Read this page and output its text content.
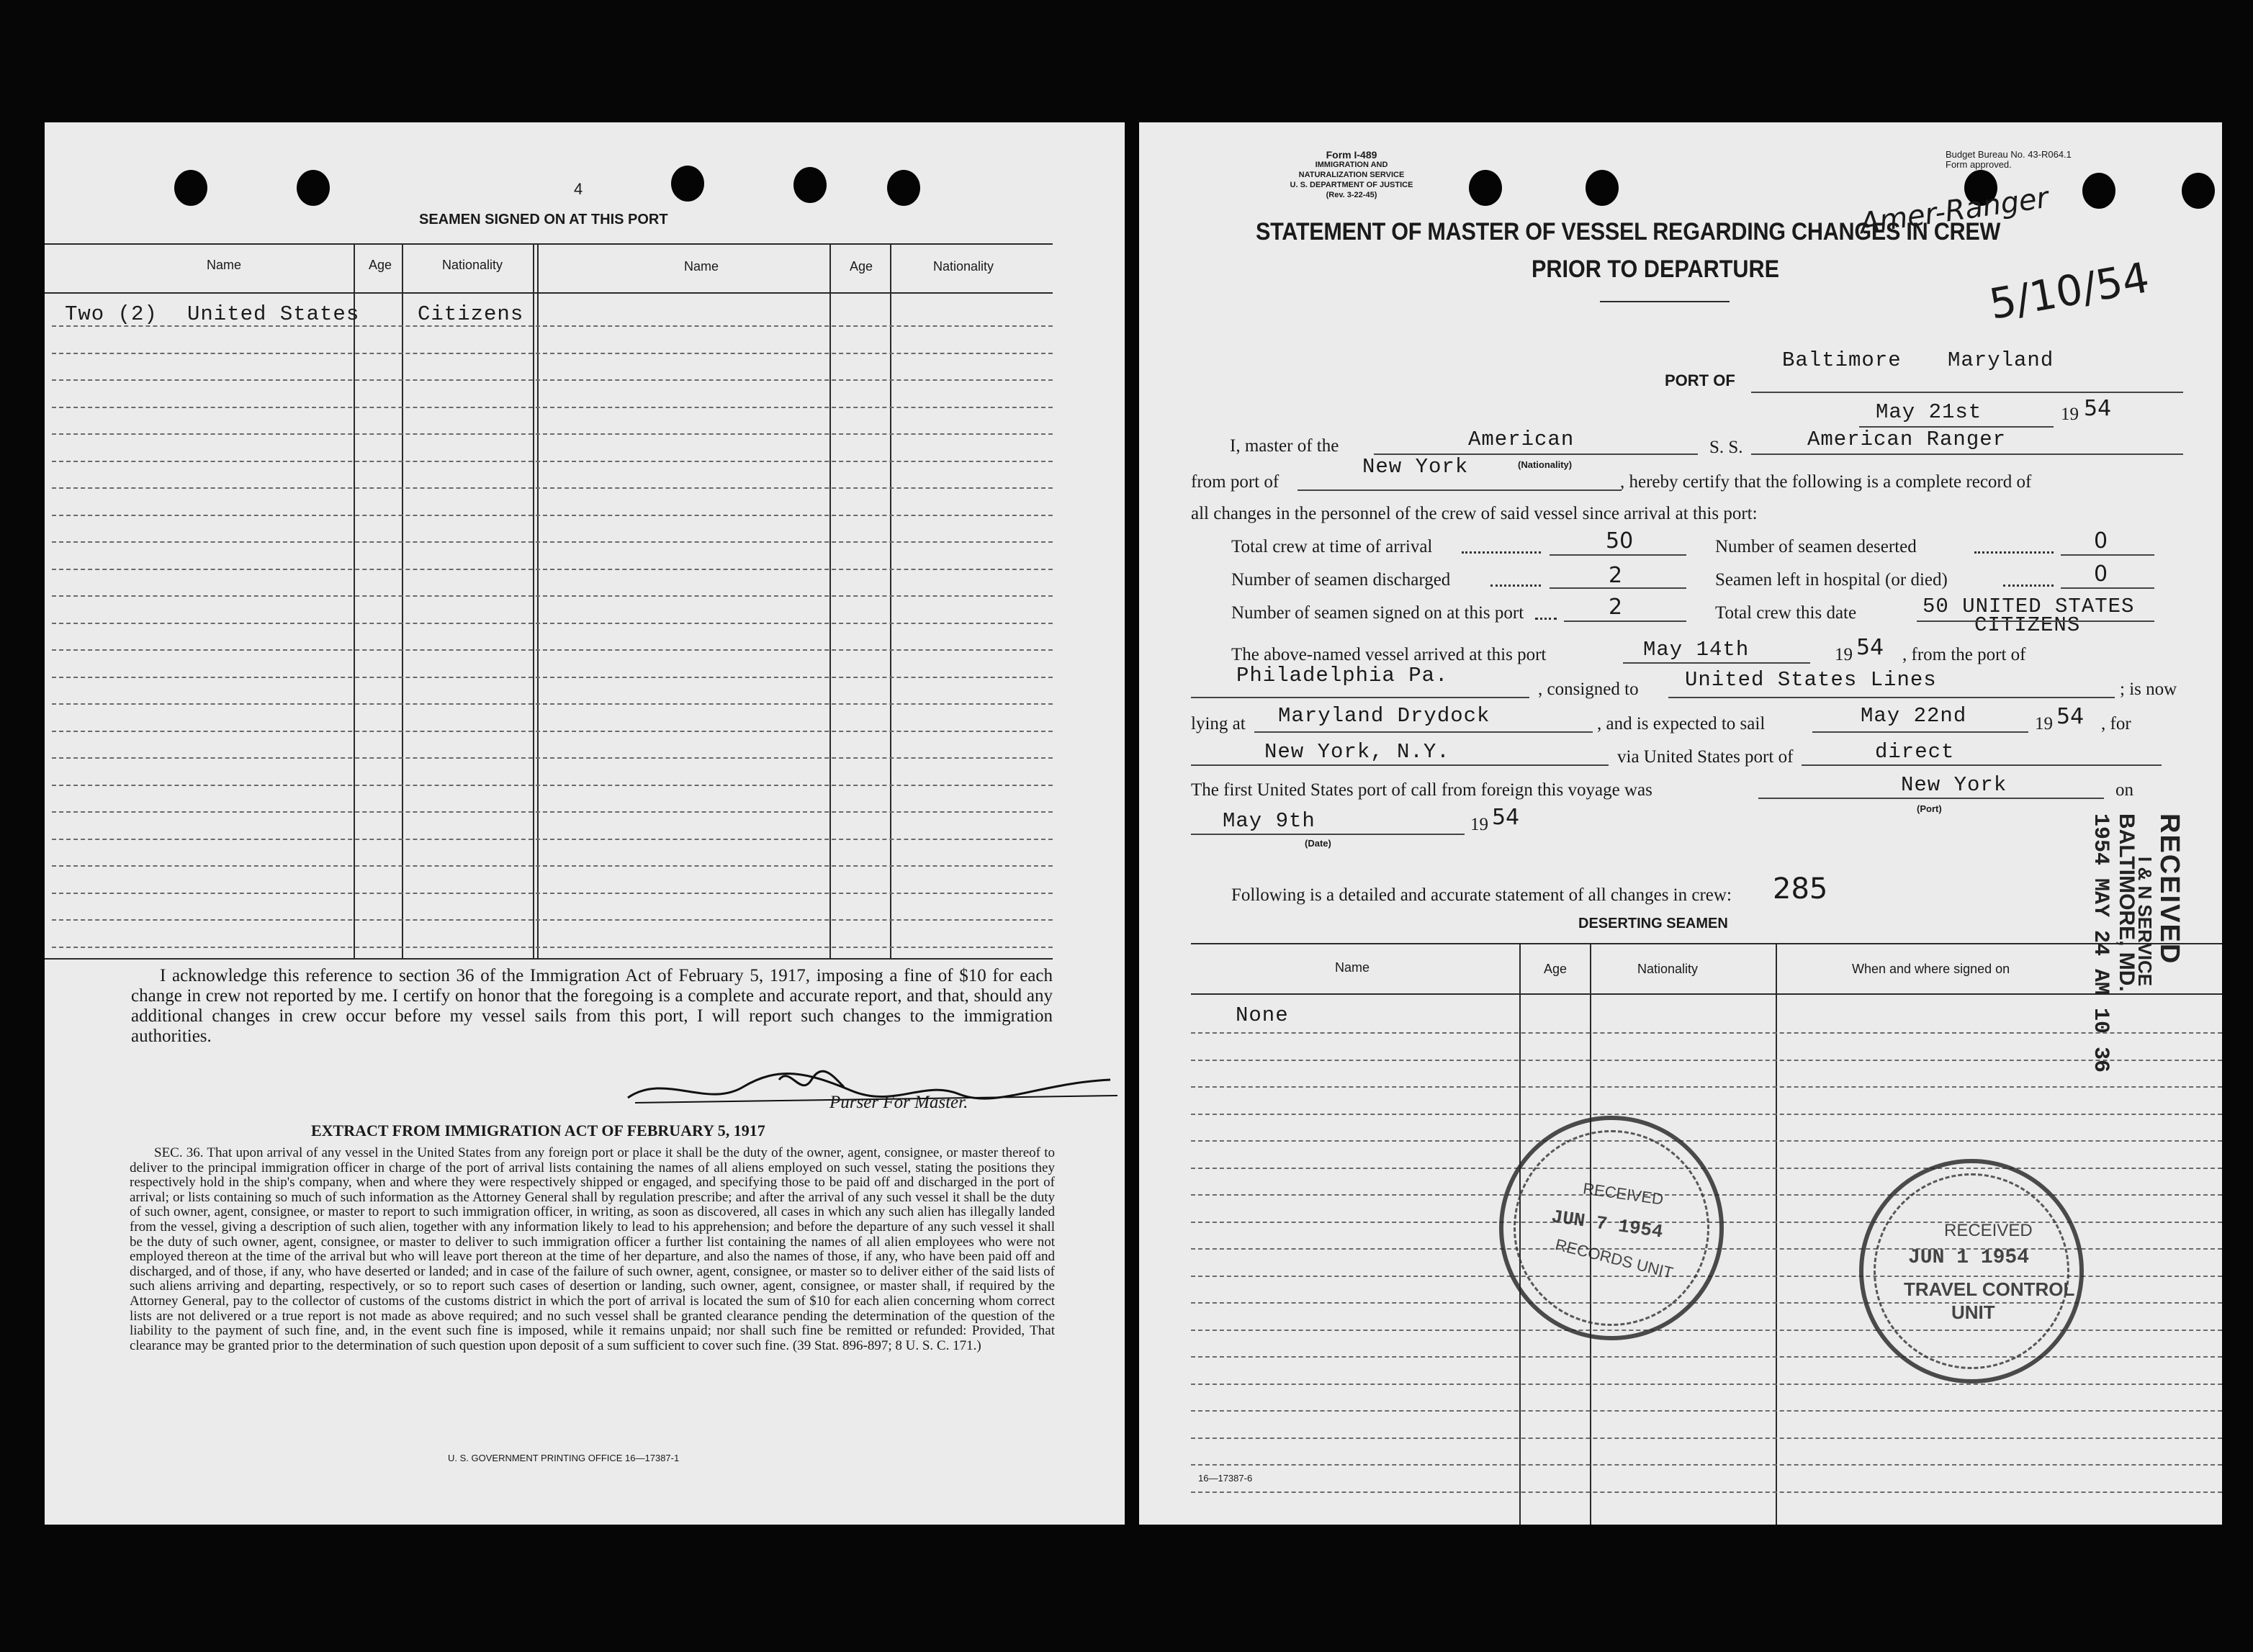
4
SEAMEN SIGNED ON AT THIS PORT
Name	Age	Nationality	Name	Age	Nationality
Two (2) United States	Citizens
I acknowledge this reference to section 36 of the Immigration Act of February 5, 1917, imposing a fine of $10 for each change in crew not reported by me. I certify on honor that the foregoing is a complete and accurate report, and that, should any additional changes in crew occur before my vessel sails from this port, I will report such changes to the immigration authorities.
Purser For Master.
EXTRACT FROM IMMIGRATION ACT OF FEBRUARY 5, 1917
SEC. 36. That upon arrival of any vessel in the United States from any foreign port or place it shall be the duty of the owner, agent, consignee, or master thereof to deliver to the principal immigration officer in charge of the port of arrival lists containing the names of all aliens employed on such vessel, stating the positions they respectively hold in the ship's company, when and where they were respectively shipped or engaged, and specifying those to be paid off and discharged in the port of arrival; or lists containing so much of such information as the Attorney General shall by regulation prescribe; and after the arrival of any such vessel it shall be the duty of such owner, agent, consignee, or master to report to such immigration officer, in writing, as soon as discovered, all cases in which any such alien has illegally landed from the vessel, giving a description of such alien, together with any information likely to lead to his apprehension; and before the departure of any such vessel it shall be the duty of such owner, agent, consignee, or master to deliver to such immigration officer a further list containing the names of all alien employees who were not employed thereon at the time of the arrival but who will leave port thereon at the time of her departure, and also the names of those, if any, who have been paid off and discharged, and of those, if any, who have deserted or landed; and in case of the failure of such owner, agent, consignee, or master so to deliver either of the said lists of such aliens arriving and departing, respectively, or so to report such cases of desertion or landing, such owner, agent, consignee, or master shall, if required by the Attorney General, pay to the collector of customs of the customs district in which the port of arrival is located the sum of $10 for each alien concerning whom correct lists are not delivered or a true report is not made as above required; and no such vessel shall be granted clearance pending the determination of the question of the liability to the payment of such fine, and, in the event such fine is imposed, while it remains unpaid; nor shall such fine be remitted or refunded: Provided, That clearance may be granted prior to the determination of such question upon deposit of a sum sufficient to cover such fine. (39 Stat. 896-897; 8 U. S. C. 171.)
U. S. GOVERNMENT PRINTING OFFICE 16—17387-1
Form I-489
IMMIGRATION AND NATURALIZATION SERVICE
U. S. DEPARTMENT OF JUSTICE
(Rev. 3-22-45)
Budget Bureau No. 43-R064.1
Form approved.
Amer-Ranger
5/10/54
STATEMENT OF MASTER OF VESSEL REGARDING CHANGES IN CREW
PRIOR TO DEPARTURE
Baltimore Maryland
PORT OF
May 21st	19 54
I, master of the	American
(Nationality)
S. S.	American Ranger
from port of
New York
, hereby certify that the following is a complete record of
all changes in the personnel of the crew of said vessel since arrival at this port:
Total crew at time of arrival	50	Number of seamen deserted	0
Number of seamen discharged	2	Seamen left in hospital (or died)	0
Number of seamen signed on at this port	2	Total crew this date	50 UNITED STATES
CITIZENS
The above-named vessel arrived at this port	May 14th	19 54 , from the port of
Philadelphia Pa.
, consigned to United States Lines	; is now
lying at Maryland Drydock	, and is expected to sail	May 22nd	19 54 , for
New York, N.Y.	via United States port of	direct
The first United States port of call from foreign this voyage was	New York
(Port)
on
May 9th	19 54
(Date)
Following is a detailed and accurate statement of all changes in crew: 285
DESERTING SEAMEN
Name	Age	Nationality	When and where signed on
None
RECEIVED
I & N SERVICE
BALTIMORE, MD.
1954 MAY 24 AM 10 36
RECEIVED
JUN 7 1954
RECORDS UNIT
RECEIVED
JUN 1 1954
TRAVEL CONTROL
UNIT
16—17387-6
